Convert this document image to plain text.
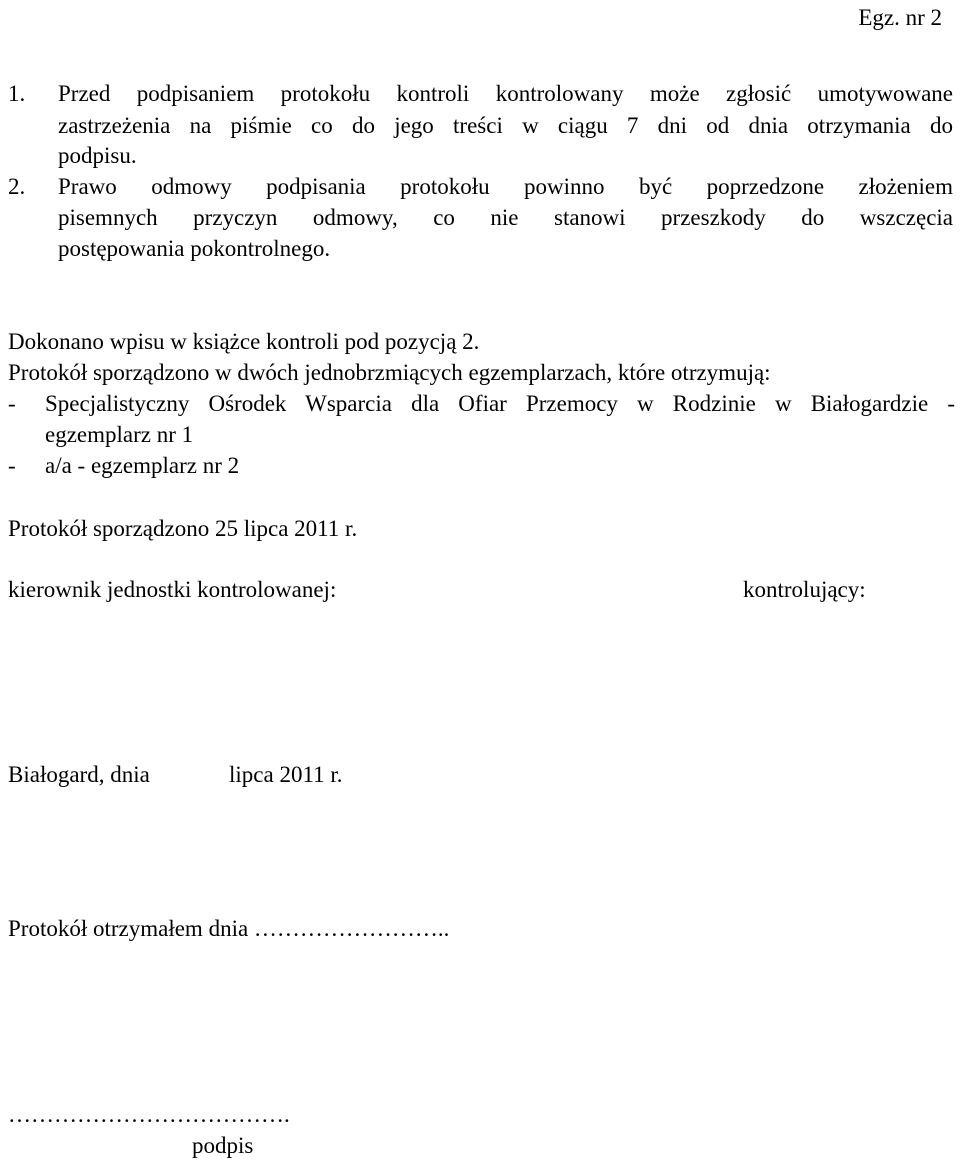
Egz. nr 2
1. Przed podpisaniem protokołu kontroli kontrolowany może zgłosić umotywowane
zastrzeżenia na piśmie co do jego treści w ciągu 7 dni od dnia otrzymania do
podpisu.
2. Prawo odmowy podpisania protokołu powinno być poprzedzone złożeniem
pisemnych przyczyn odmowy, co nie stanowi przeszkody do wszczęcia
postępowania pokontrolnego.
Dokonano wpisu w książce kontroli pod pozycją 2.
Protokół sporządzono w dwóch jednobrzmiących egzemplarzach, które otrzymują:
- Specjalistyczny Ośrodek Wsparcia dla Ofiar Przemocy w Rodzinie w Białogardzie -
egzemplarz nr 1
- a/a - egzemplarz nr 2
Protokół sporządzono 25 lipca 2011 r.
kierownik jednostki kontrolowanej:	kontrolujący:
Białogard, dnia	lipca 2011 r.
Protokół otrzymałem dnia ……………………..
……………………………….
podpis
